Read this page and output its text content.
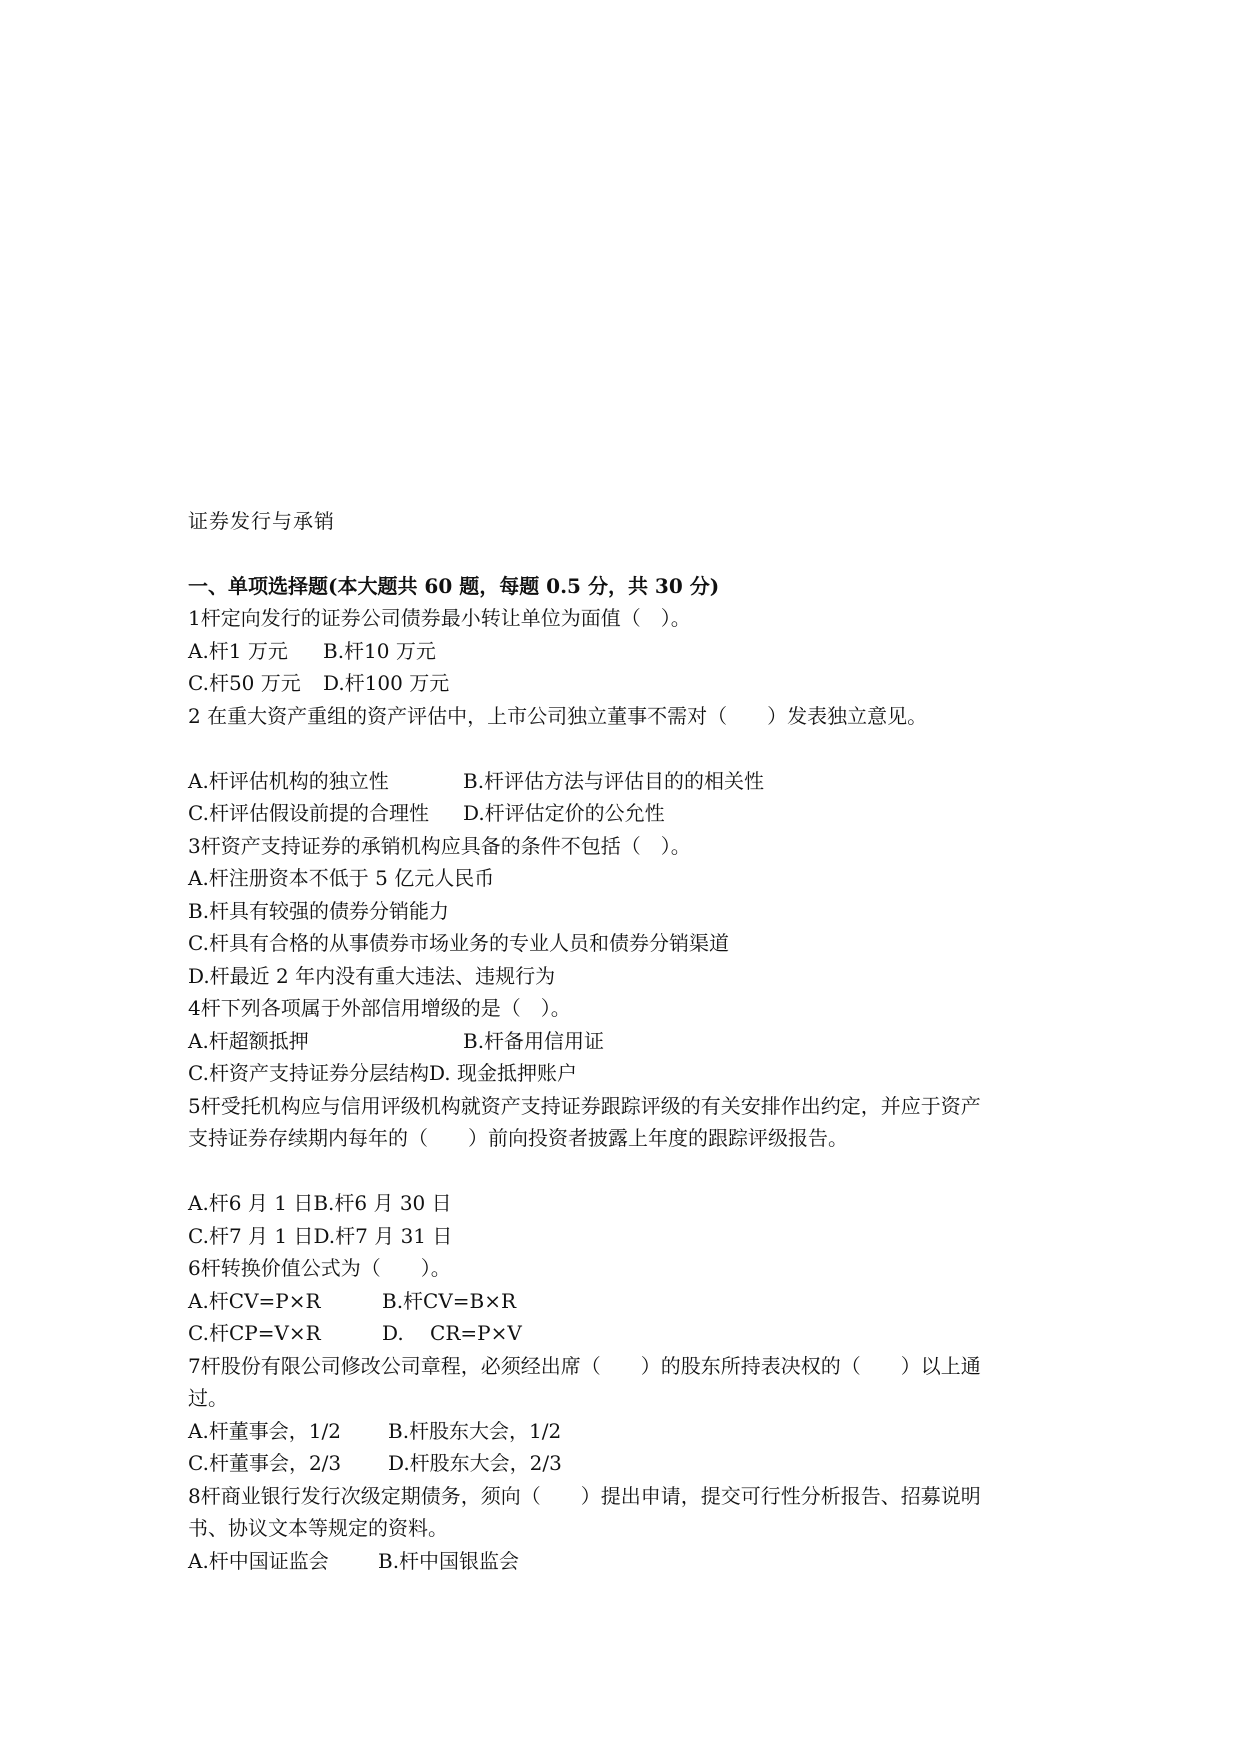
证券发行与承销
一、单项选择题(本大题共 60 题，每题 0.5 分，共 30 分)
1杆定向发行的证券公司债券最小转让单位为面值（　）。
A.杆1 万元	B.杆10 万元
C.杆50 万元	D.杆100 万元
2 在重大资产重组的资产评估中，上市公司独立董事不需对（　　）发表独立意见。
A.杆评估机构的独立性	B.杆评估方法与评估目的的相关性
C.杆评估假设前提的合理性	D.杆评估定价的公允性
3杆资产支持证券的承销机构应具备的条件不包括（　）。
A.杆注册资本不低于 5 亿元人民币
B.杆具有较强的债券分销能力
C.杆具有合格的从事债券市场业务的专业人员和债券分销渠道
D.杆最近 2 年内没有重大违法、违规行为
4杆下列各项属于外部信用增级的是（　）。
A.杆超额抵押	B.杆备用信用证
C.杆资产支持证券分层结构 D. 现金抵押账户
5杆受托机构应与信用评级机构就资产支持证券跟踪评级的有关安排作出约定，并应于资产
支持证券存续期内每年的（　　）前向投资者披露上年度的跟踪评级报告。
A.杆6 月 1 日 B.杆6 月 30 日
C.杆7 月 1 日 D.杆7 月 31 日
6杆转换价值公式为（　　）。
A.杆CV=P×R	B.杆CV=B×R
C.杆CP=V×R	D.　 CR=P×V
7杆股份有限公司修改公司章程，必须经出席（　　）的股东所持表决权的（　　）以上通
过。
A.杆董事会，1/2	B.杆股东大会，1/2
C.杆董事会，2/3	D.杆股东大会，2/3
8杆商业银行发行次级定期债务，须向（　　）提出申请，提交可行性分析报告、招募说明
书、协议文本等规定的资料。
A.杆中国证监会	B.杆中国银监会
